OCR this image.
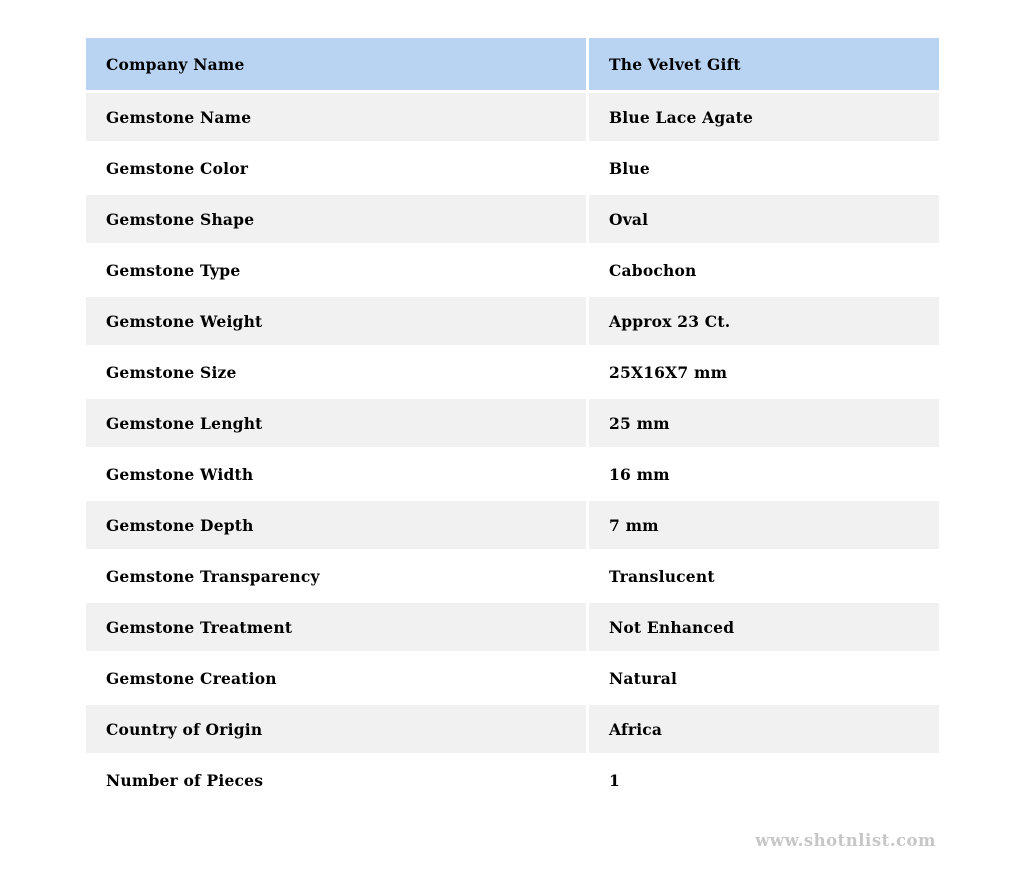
Company Name	The Velvet Gift
Gemstone Name	Blue Lace Agate
Gemstone Color	Blue
Gemstone Shape	Oval
Gemstone Type	Cabochon
Gemstone Weight	Approx 23 Ct.
Gemstone Size	25X16X7 mm
Gemstone Lenght	25 mm
Gemstone Width	16 mm
Gemstone Depth	7 mm
Gemstone Transparency	Translucent
Gemstone Treatment	Not Enhanced
Gemstone Creation	Natural
Country of Origin	Africa
Number of Pieces	1
www.shotnlist.com
